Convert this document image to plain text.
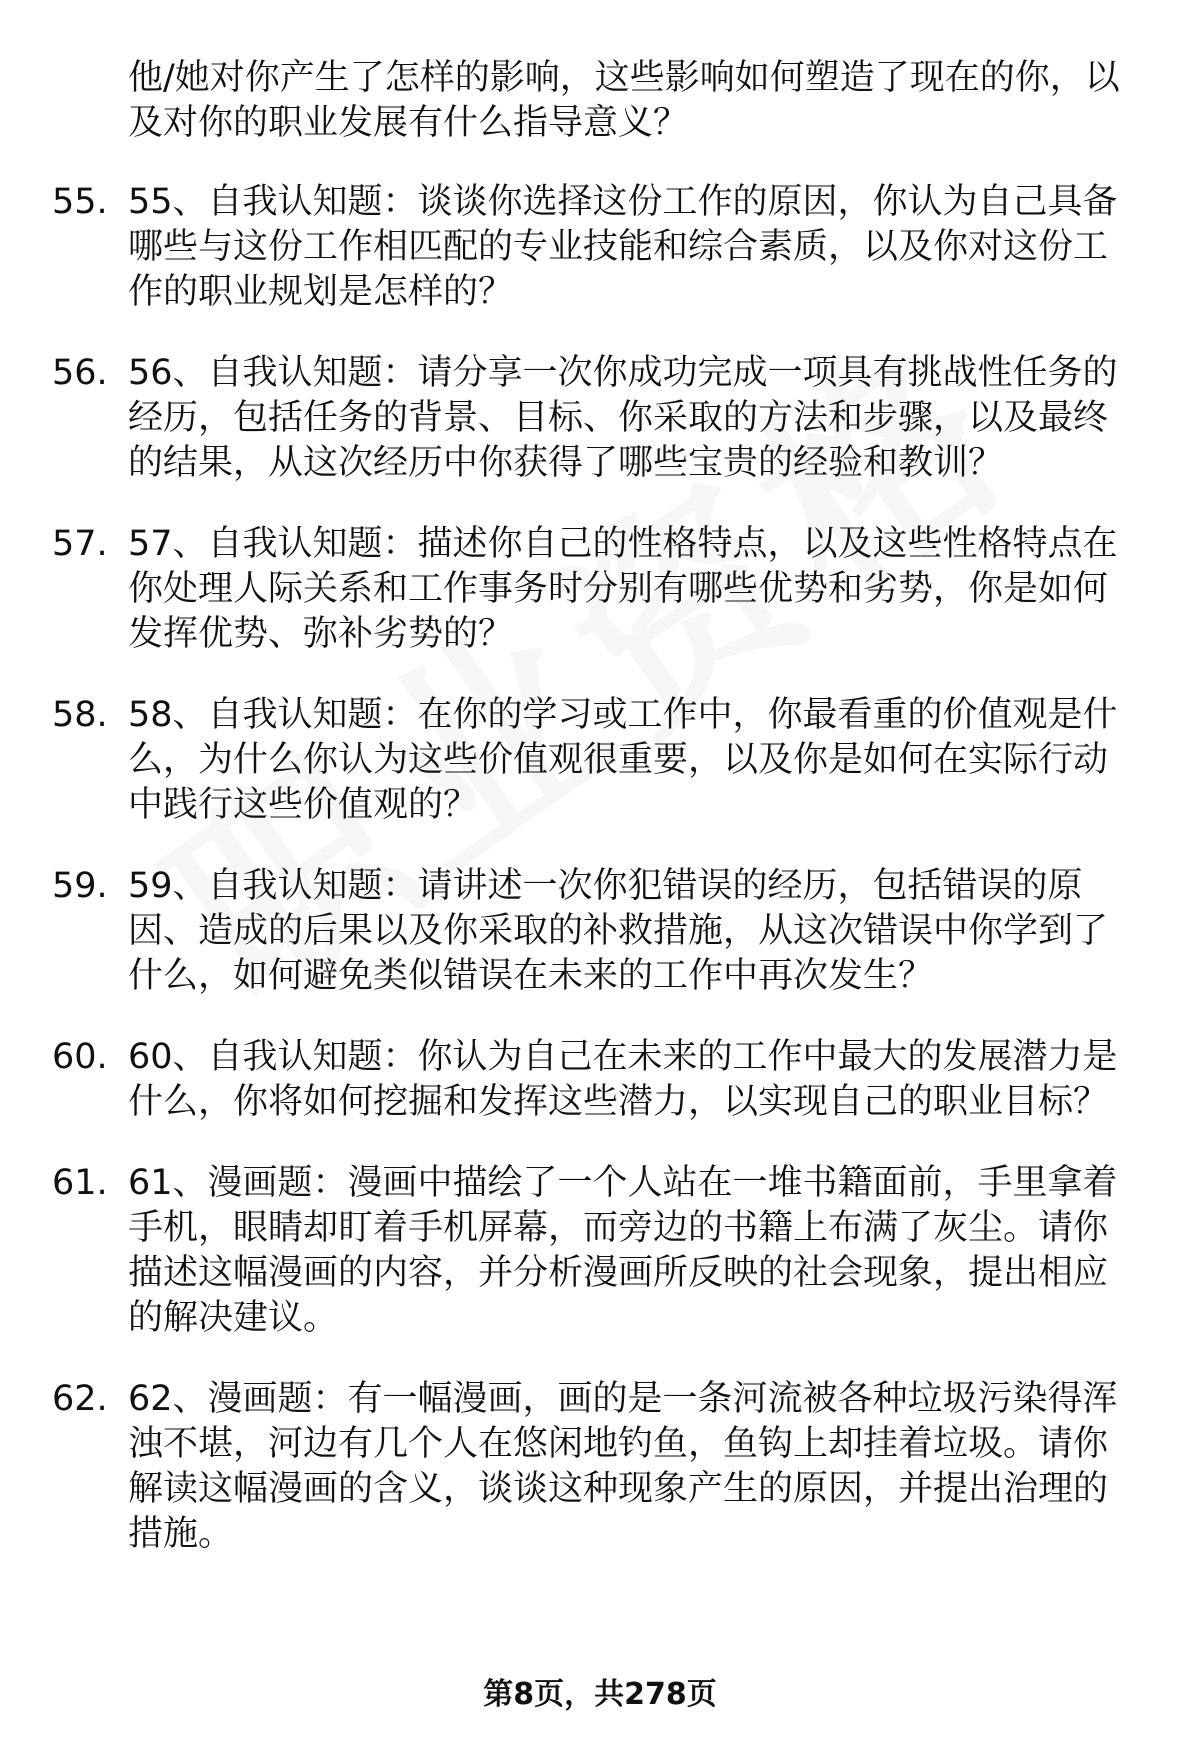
他/她对你产生了怎样的影响，这些影响如何塑造了现在的你，以及对你的职业发展有什么指导意义？
55. 55、自我认知题：谈谈你选择这份工作的原因，你认为自己具备哪些与这份工作相匹配的专业技能和综合素质，以及你对这份工作的职业规划是怎样的？
56. 56、自我认知题：请分享一次你成功完成一项具有挑战性任务的经历，包括任务的背景、目标、你采取的方法和步骤，以及最终的结果，从这次经历中你获得了哪些宝贵的经验和教训？
57. 57、自我认知题：描述你自己的性格特点，以及这些性格特点在你处理人际关系和工作事务时分别有哪些优势和劣势，你是如何发挥优势、弥补劣势的？
58. 58、自我认知题：在你的学习或工作中，你最看重的价值观是什么，为什么你认为这些价值观很重要，以及你是如何在实际行动中践行这些价值观的？
59. 59、自我认知题：请讲述一次你犯错误的经历，包括错误的原因、造成的后果以及你采取的补救措施，从这次错误中你学到了什么，如何避免类似错误在未来的工作中再次发生？
60. 60、自我认知题：你认为自己在未来的工作中最大的发展潜力是什么，你将如何挖掘和发挥这些潜力，以实现自己的职业目标？
61. 61、漫画题：漫画中描绘了一个人站在一堆书籍面前，手里拿着手机，眼睛却盯着手机屏幕，而旁边的书籍上布满了灰尘。请你描述这幅漫画的内容，并分析漫画所反映的社会现象，提出相应的解决建议。
62. 62、漫画题：有一幅漫画，画的是一条河流被各种垃圾污染得浑浊不堪，河边有几个人在悠闲地钓鱼，鱼钩上却挂着垃圾。请你解读这幅漫画的含义，谈谈这种现象产生的原因，并提出治理的措施。
第8页，共278页
